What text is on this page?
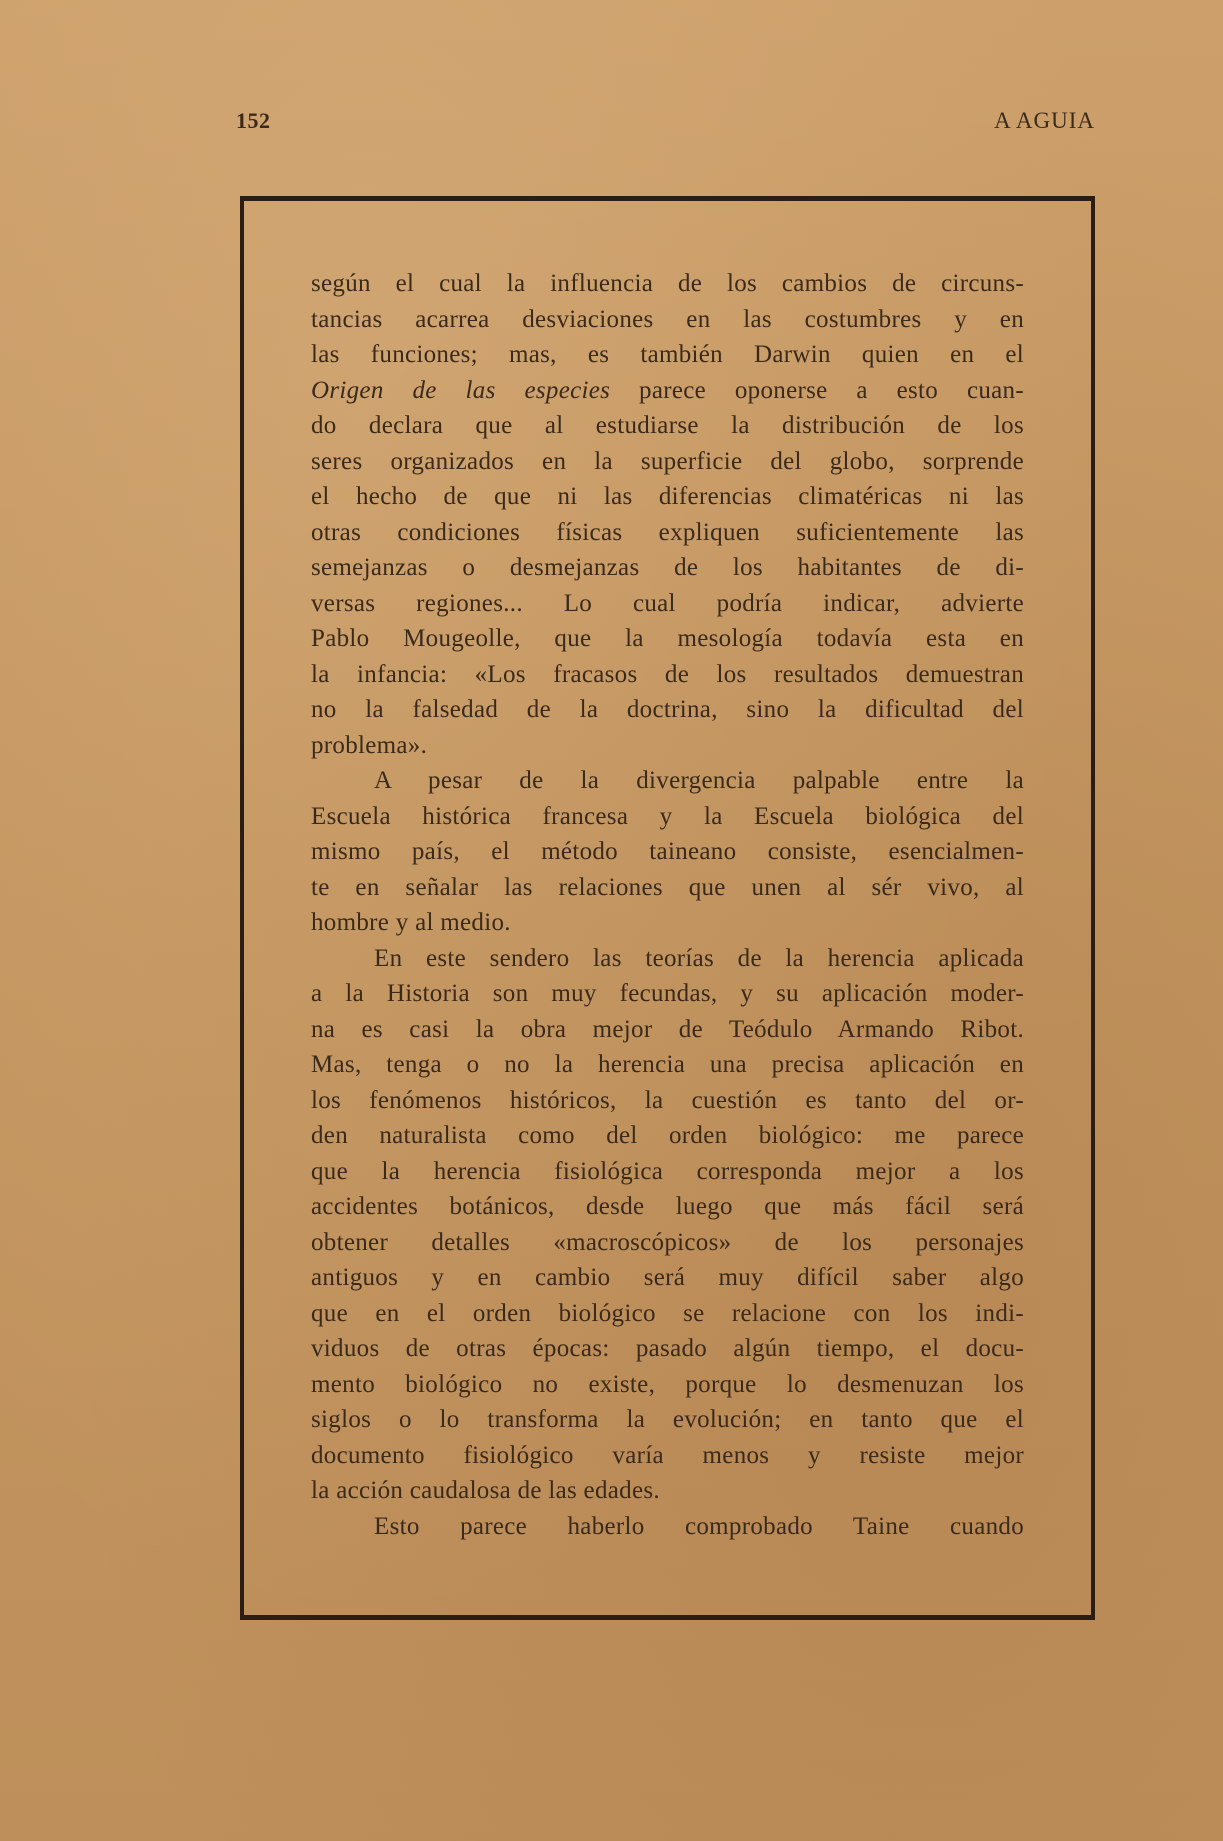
152	A AGUIA
según el cual la influencia de los cambios de circuns-
tancias acarrea desviaciones en las costumbres y en
las funciones; mas, es también Darwin quien en el
Origen de las especies parece oponerse a esto cuan-
do declara que al estudiarse la distribución de los
seres organizados en la superficie del globo, sorprende
el hecho de que ni las diferencias climatéricas ni las
otras condiciones físicas expliquen suficientemente las
semejanzas o desmejanzas de los habitantes de di-
versas regiones... Lo cual podría indicar, advierte
Pablo Mougeolle, que la mesología todavía esta en
la infancia: «Los fracasos de los resultados demuestran
no la falsedad de la doctrina, sino la dificultad del
problema».
A pesar de la divergencia palpable entre la
Escuela histórica francesa y la Escuela biológica del
mismo país, el método taineano consiste, esencialmen-
te en señalar las relaciones que unen al sér vivo, al
hombre y al medio.
En este sendero las teorías de la herencia aplicada
a la Historia son muy fecundas, y su aplicación moder-
na es casi la obra mejor de Teódulo Armando Ribot.
Mas, tenga o no la herencia una precisa aplicación en
los fenómenos históricos, la cuestión es tanto del or-
den naturalista como del orden biológico: me parece
que la herencia fisiológica corresponda mejor a los
accidentes botánicos, desde luego que más fácil será
obtener detalles «macroscópicos» de los personajes
antiguos y en cambio será muy difícil saber algo
que en el orden biológico se relacione con los indi-
viduos de otras épocas: pasado algún tiempo, el docu-
mento biológico no existe, porque lo desmenuzan los
siglos o lo transforma la evolución; en tanto que el
documento fisiológico varía menos y resiste mejor
la acción caudalosa de las edades.
Esto parece haberlo comprobado Taine cuando
